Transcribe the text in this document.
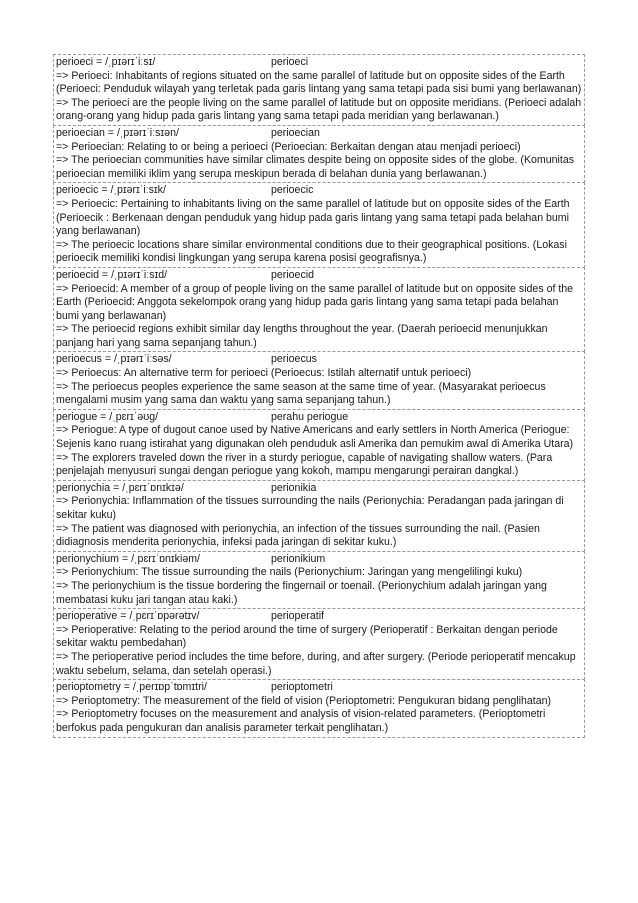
perioeci = /ˌpɪərɪˈiːsɪ/	perioeci
=> Perioeci: Inhabitants of regions situated on the same parallel of latitude but on opposite sides of the Earth (Perioeci: Penduduk wilayah yang terletak pada garis lintang yang sama tetapi pada sisi bumi yang berlawanan)
=> The perioeci are the people living on the same parallel of latitude but on opposite meridians. (Perioeci adalah orang-orang yang hidup pada garis lintang yang sama tetapi pada meridian yang berlawanan.)
perioecian = /ˌpɪərɪˈiːsɪən/	perioecian
=> Perioecian: Relating to or being a perioeci (Perioecian: Berkaitan dengan atau menjadi perioeci)
=> The perioecian communities have similar climates despite being on opposite sides of the globe. (Komunitas perioecian memiliki iklim yang serupa meskipun berada di belahan dunia yang berlawanan.)
perioecic = /ˌpɪərɪˈiːsɪk/	perioecic
=> Perioecic: Pertaining to inhabitants living on the same parallel of latitude but on opposite sides of the Earth (Perioecik : Berkenaan dengan penduduk yang hidup pada garis lintang yang sama tetapi pada belahan bumi yang berlawanan)
=> The perioecic locations share similar environmental conditions due to their geographical positions. (Lokasi perioecik memiliki kondisi lingkungan yang serupa karena posisi geografisnya.)
perioecid = /ˌpɪərɪˈiːsɪd/	perioecid
=> Perioecid: A member of a group of people living on the same parallel of latitude but on opposite sides of the Earth (Perioecid: Anggota sekelompok orang yang hidup pada garis lintang yang sama tetapi pada belahan bumi yang berlawanan)
=> The perioecid regions exhibit similar day lengths throughout the year. (Daerah perioecid menunjukkan panjang hari yang sama sepanjang tahun.)
perioecus = /ˌpɪərɪˈiːsəs/	perioecus
=> Perioecus: An alternative term for perioeci (Perioecus: Istilah alternatif untuk perioeci)
=> The perioecus peoples experience the same season at the same time of year. (Masyarakat perioecus mengalami musim yang sama dan waktu yang sama sepanjang tahun.)
periogue = /ˌpɛrɪˈəʊɡ/	perahu periogue
=> Periogue: A type of dugout canoe used by Native Americans and early settlers in North America (Periogue: Sejenis kano ruang istirahat yang digunakan oleh penduduk asli Amerika dan pemukim awal di Amerika Utara)
=> The explorers traveled down the river in a sturdy periogue, capable of navigating shallow waters. (Para penjelajah menyusuri sungai dengan periogue yang kokoh, mampu mengarungi perairan dangkal.)
perionychia = /ˌpɛrɪˈɒnɪkɪə/	perionikia
=> Perionychia: Inflammation of the tissues surrounding the nails (Perionychia: Peradangan pada jaringan di sekitar kuku)
=> The patient was diagnosed with perionychia, an infection of the tissues surrounding the nail. (Pasien didiagnosis menderita perionychia, infeksi pada jaringan di sekitar kuku.)
perionychium = /ˌpɛrɪˈɒnɪkiəm/	perionikium
=> Perionychium: The tissue surrounding the nails (Perionychium: Jaringan yang mengelilingi kuku)
=> The perionychium is the tissue bordering the fingernail or toenail. (Perionychium adalah jaringan yang membatasi kuku jari tangan atau kaki.)
perioperative = /ˌpɛrɪˈɒpərətɪv/	perioperatif
=> Perioperative: Relating to the period around the time of surgery (Perioperatif : Berkaitan dengan periode sekitar waktu pembedahan)
=> The perioperative period includes the time before, during, and after surgery. (Periode perioperatif mencakup waktu sebelum, selama, dan setelah operasi.)
perioptometry = /ˌperɪɒpˈtɒmɪtri/	perioptometri
=> Perioptometry: The measurement of the field of vision (Perioptometri: Pengukuran bidang penglihatan)
=> Perioptometry focuses on the measurement and analysis of vision-related parameters. (Perioptometri berfokus pada pengukuran dan analisis parameter terkait penglihatan.)
